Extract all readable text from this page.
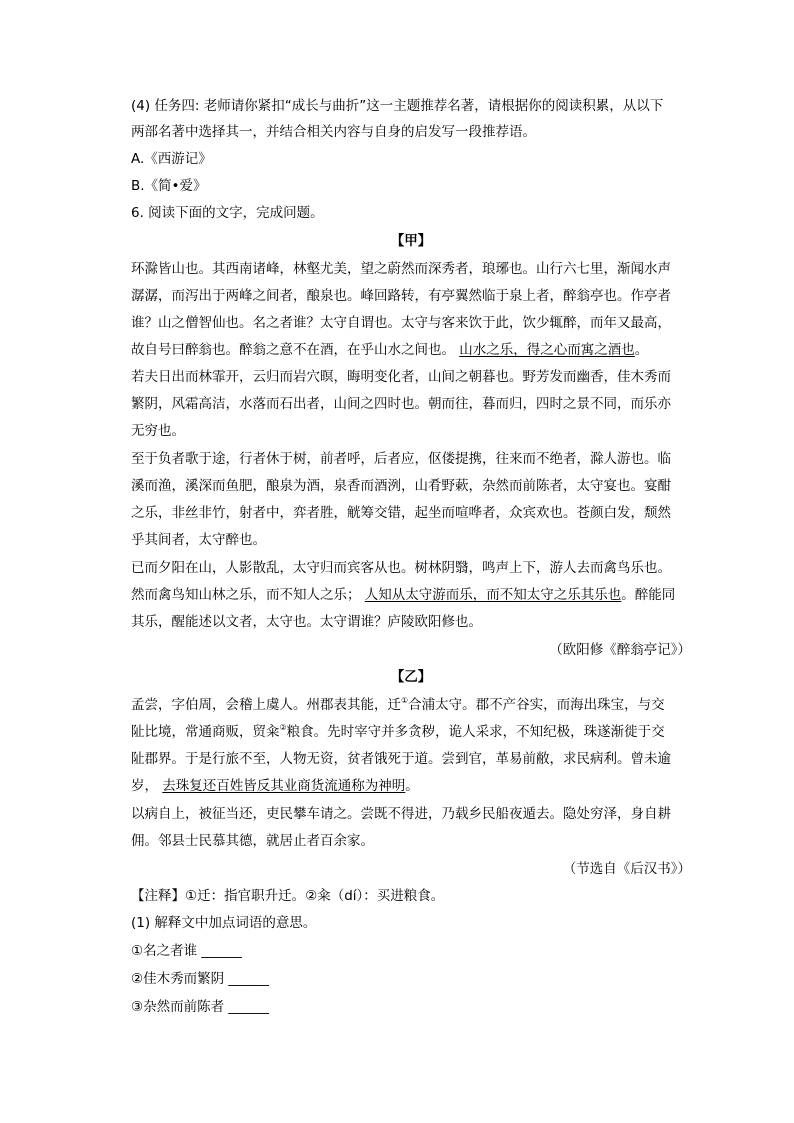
(4) 任务四: 老师请你紧扣“成长与曲折”这一主题推荐名著，请根据你的阅读积累，从以下
两部名著中选择其一，并结合相关内容与自身的启发写一段推荐语。
A.《西游记》
B.《简•爱》
6. 阅读下面的文字，完成问题。
【甲】
环滁皆山也。其西南诸峰，林壑尤美，望之蔚然而深秀者，琅琊也。山行六七里，渐闻水声
潺潺，而泻出于两峰之间者，酿泉也。峰回路转，有亭翼然临于泉上者，醉翁亭也。作亭者
谁？山之僧智仙也。名之者谁？太守自谓也。太守与客来饮于此，饮少辄醉，而年又最高，
故自号曰醉翁也。醉翁之意不在酒，在乎山水之间也。 山水之乐，得之心而寓之酒也。
若夫日出而林霏开，云归而岩穴暝，晦明变化者，山间之朝暮也。野芳发而幽香，佳木秀而
繁阴，风霜高洁，水落而石出者，山间之四时也。朝而往，暮而归，四时之景不同，而乐亦
无穷也。
至于负者歌于途，行者休于树，前者呼，后者应，伛偻提携，往来而不绝者，滁人游也。临
溪而渔，溪深而鱼肥，酿泉为酒，泉香而酒洌，山肴野蔌，杂然而前陈者，太守宴也。宴酣
之乐，非丝非竹，射者中，弈者胜，觥筹交错，起坐而喧哗者，众宾欢也。苍颜白发，颓然
乎其间者，太守醉也。
已而夕阳在山，人影散乱，太守归而宾客从也。树林阴翳，鸣声上下，游人去而禽鸟乐也。
然而禽鸟知山林之乐，而不知人之乐； 人知从太守游而乐，而不知太守之乐其乐也。醉能同
其乐，醒能述以文者，太守也。太守谓谁？庐陵欧阳修也。
（欧阳修《醉翁亭记》）
【乙】
孟尝，字伯周，会稽上虞人。州郡表其能，迁①合浦太守。郡不产谷实，而海出珠宝，与交
阯比境，常通商贩，贸籴②粮食。先时宰守并多贪秽，诡人采求，不知纪极，珠遂渐徙于交
阯郡界。于是行旅不至，人物无资，贫者饿死于道。尝到官，革易前敝，求民病利。曾未逾
岁， 去珠复还百姓皆反其业商货流通称为神明。
以病自上，被征当还，吏民攀车请之。尝既不得进，乃载乡民船夜遁去。隐处穷泽，身自耕
佣。邻县士民慕其德，就居止者百余家。
（节选自《后汉书》）
【注释】①迁：指官职升迁。②籴（dí）：买进粮食。
(1) 解释文中加点词语的意思。
①名之者谁 ______
②佳木秀而繁阴 ______
③杂然而前陈者 ______
